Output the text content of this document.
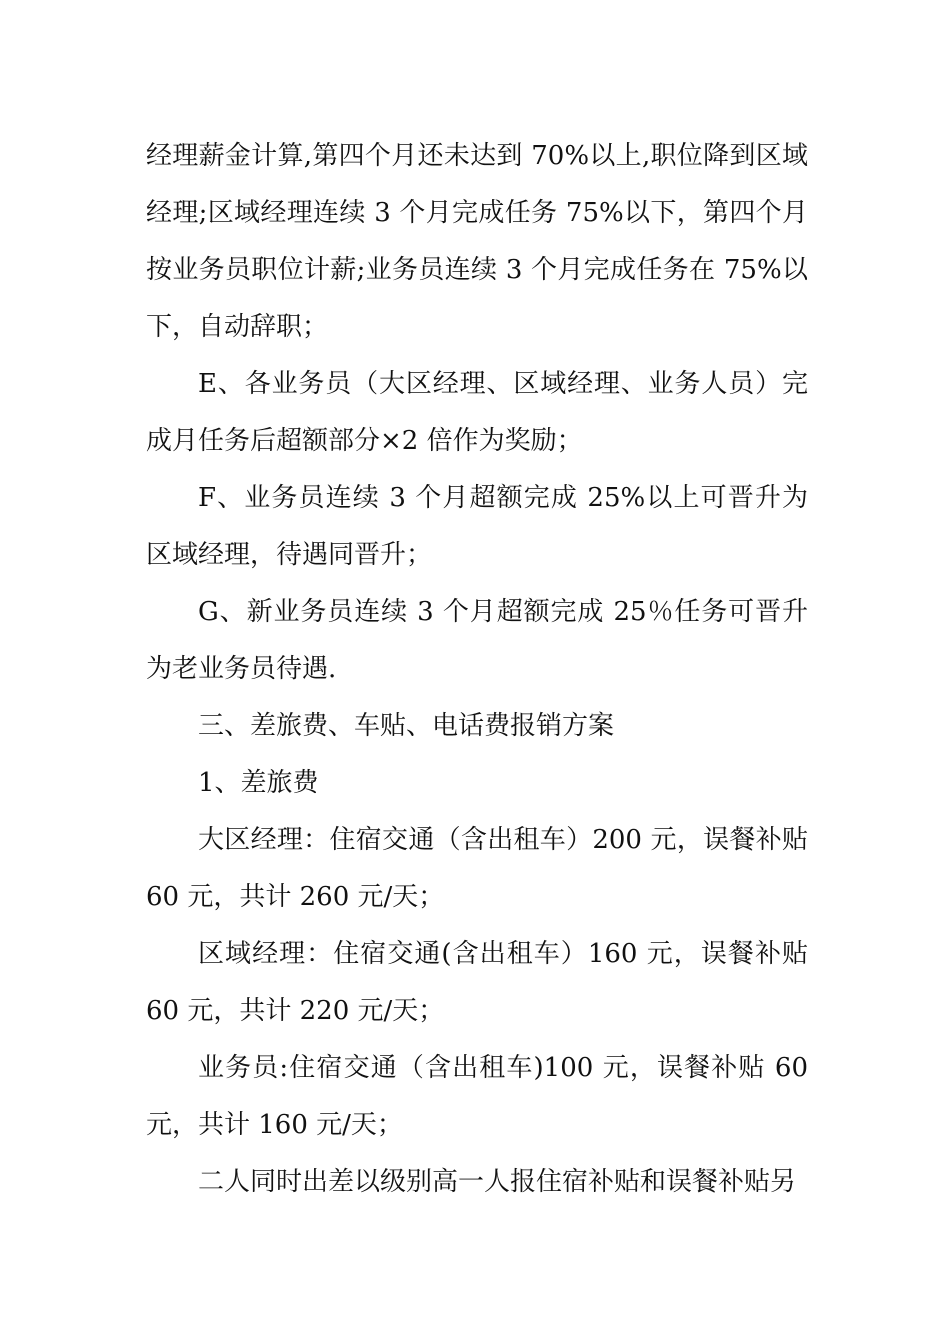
经理薪金计算,第四个月还未达到 70%以上,职位降到区域经理;区域经理连续 3 个月完成任务 75%以下，第四个月按业务员职位计薪;业务员连续 3 个月完成任务在 75%以下，自动辞职；

E、各业务员（大区经理、区域经理、业务人员）完成月任务后超额部分×2 倍作为奖励；

F、业务员连续 3 个月超额完成 25%以上可晋升为区域经理，待遇同晋升；

G、新业务员连续 3 个月超额完成 25％任务可晋升为老业务员待遇.

三、差旅费、车贴、电话费报销方案

1、差旅费

大区经理：住宿交通（含出租车）200 元，误餐补贴 60 元，共计 260 元/天；

区域经理：住宿交通(含出租车）160 元，误餐补贴 60 元，共计 220 元/天；

业务员:住宿交通（含出租车)100 元，误餐补贴 60 元，共计 160 元/天；

二人同时出差以级别高一人报住宿补贴和误餐补贴另
